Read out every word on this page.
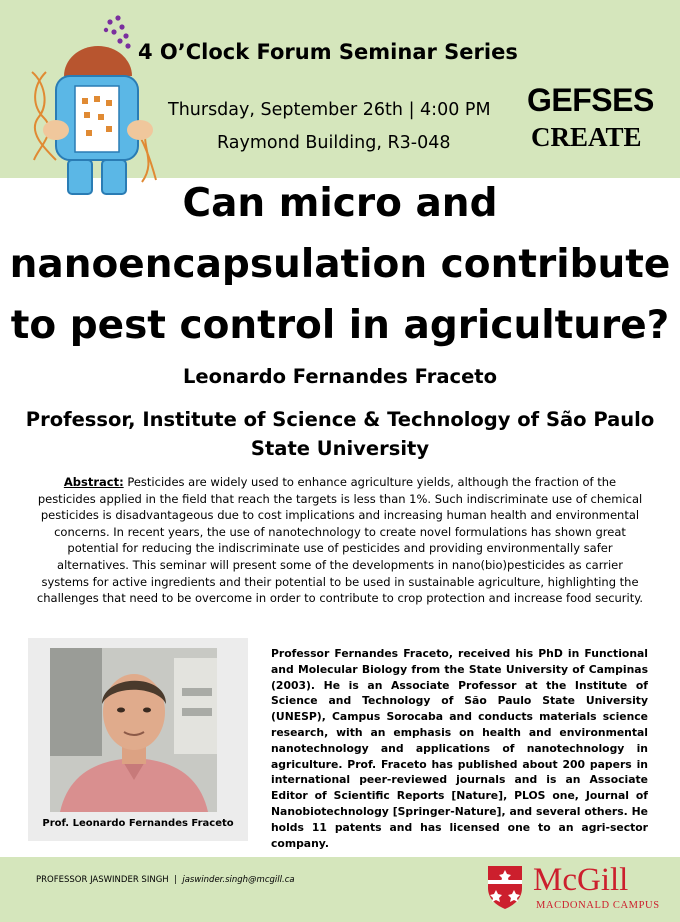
4 O’Clock Forum Seminar Series
Thursday, September 26th | 4:00 PM
Raymond Building, R3-048
GEFSES
CREATE
Can micro and nanoencapsulation contribute to pest control in agriculture?
Leonardo Fernandes Fraceto
Professor, Institute of Science & Technology of São Paulo State University

Abstract: Pesticides are widely used to enhance agriculture yields, although the fraction of the pesticides applied in the field that reach the targets is less than 1%. Such indiscriminate use of chemical pesticides is disadvantageous due to cost implications and increasing human health and environmental concerns. In recent years, the use of nanotechnology to create novel formulations has shown great potential for reducing the indiscriminate use of pesticides and providing environmentally safer alternatives. This seminar will present some of the developments in nano(bio)pesticides as carrier systems for active ingredients and their potential to be used in sustainable agriculture, highlighting the challenges that need to be overcome in order to contribute to crop protection and increase food security.

Prof. Leonardo Fernandes Fraceto

Professor Fernandes Fraceto, received his PhD in Functional and Molecular Biology from the State University of Campinas (2003). He is an Associate Professor at the Institute of Science and Technology of São Paulo State University (UNESP), Campus Sorocaba and conducts materials science research, with an emphasis on health and environmental nanotechnology and applications of nanotechnology in agriculture. Prof. Fraceto has published about 200 papers in international peer-reviewed journals and is an Associate Editor of Scientific Reports [Nature], PLOS one, Journal of Nanobiotechnology [Springer-Nature], and several others. He holds 11 patents and has licensed one to an agri-sector company.

PROFESSOR JASWINDER SINGH | jaswinder.singh@mcgill.ca	McGill
MACDONALD CAMPUS
